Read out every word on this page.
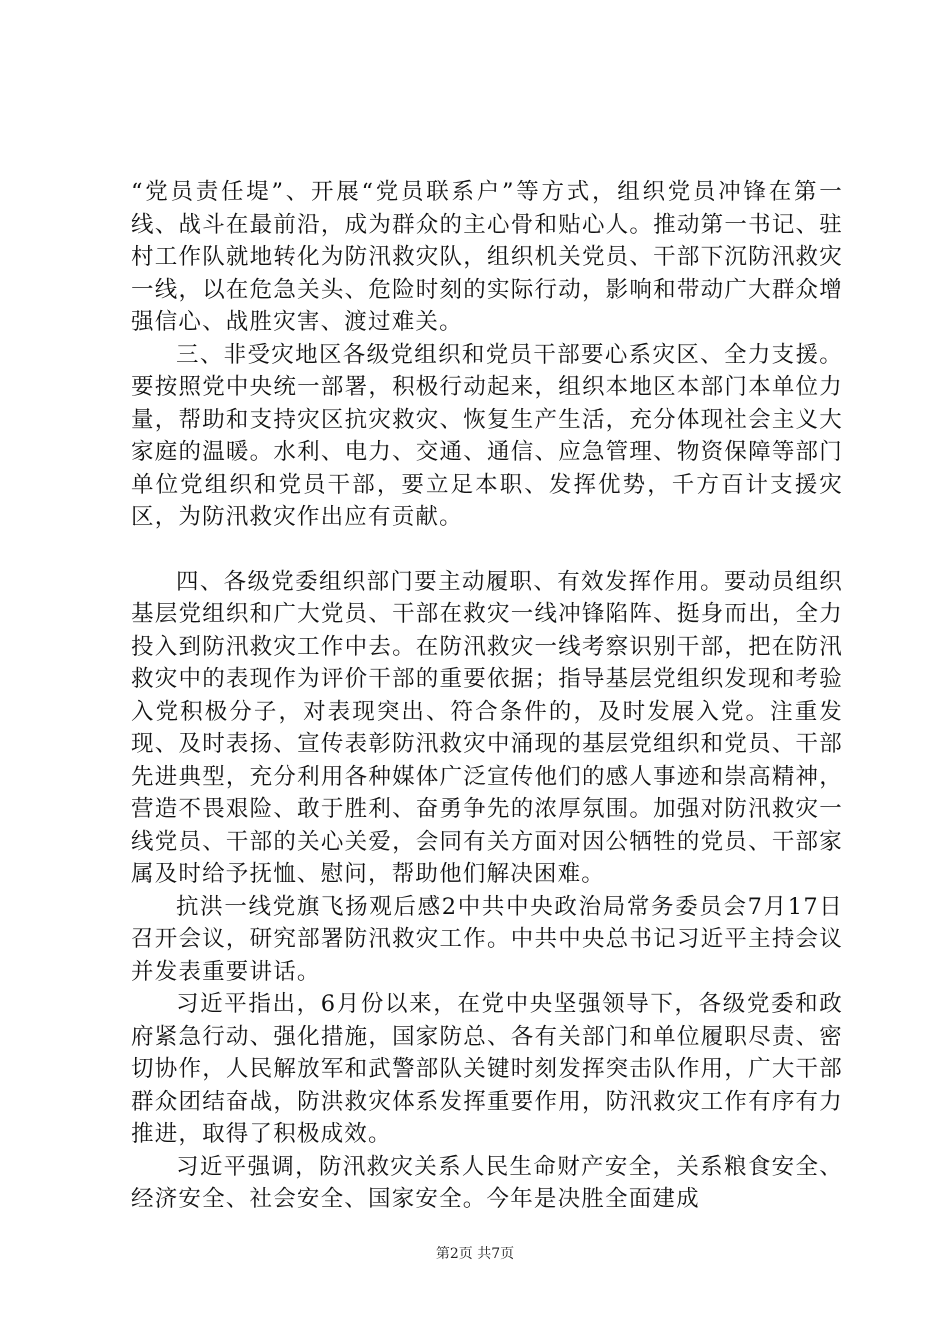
“党员责任堤”、开展“党员联系户”等方式，组织党员冲锋在第一线、战斗在最前沿，成为群众的主心骨和贴心人。推动第一书记、驻村工作队就地转化为防汛救灾队，组织机关党员、干部下沉防汛救灾一线，以在危急关头、危险时刻的实际行动，影响和带动广大群众增强信心、战胜灾害、渡过难关。

三、非受灾地区各级党组织和党员干部要心系灾区、全力支援。要按照党中央统一部署，积极行动起来，组织本地区本部门本单位力量，帮助和支持灾区抗灾救灾、恢复生产生活，充分体现社会主义大家庭的温暖。水利、电力、交通、通信、应急管理、物资保障等部门单位党组织和党员干部，要立足本职、发挥优势，千方百计支援灾区，为防汛救灾作出应有贡献。

四、各级党委组织部门要主动履职、有效发挥作用。要动员组织基层党组织和广大党员、干部在救灾一线冲锋陷阵、挺身而出，全力投入到防汛救灾工作中去。在防汛救灾一线考察识别干部，把在防汛救灾中的表现作为评价干部的重要依据；指导基层党组织发现和考验入党积极分子，对表现突出、符合条件的，及时发展入党。注重发现、及时表扬、宣传表彰防汛救灾中涌现的基层党组织和党员、干部先进典型，充分利用各种媒体广泛宣传他们的感人事迹和崇高精神，营造不畏艰险、敢于胜利、奋勇争先的浓厚氛围。加强对防汛救灾一线党员、干部的关心关爱，会同有关方面对因公牺牲的党员、干部家属及时给予抚恤、慰问，帮助他们解决困难。

抗洪一线党旗飞扬观后感2中共中央政治局常务委员会7月17日召开会议，研究部署防汛救灾工作。中共中央总书记习近平主持会议并发表重要讲话。

习近平指出，6月份以来，在党中央坚强领导下，各级党委和政府紧急行动、强化措施，国家防总、各有关部门和单位履职尽责、密切协作，人民解放军和武警部队关键时刻发挥突击队作用，广大干部群众团结奋战，防洪救灾体系发挥重要作用，防汛救灾工作有序有力推进，取得了积极成效。

习近平强调，防汛救灾关系人民生命财产安全，关系粮食安全、经济安全、社会安全、国家安全。今年是决胜全面建成

第2页 共7页
